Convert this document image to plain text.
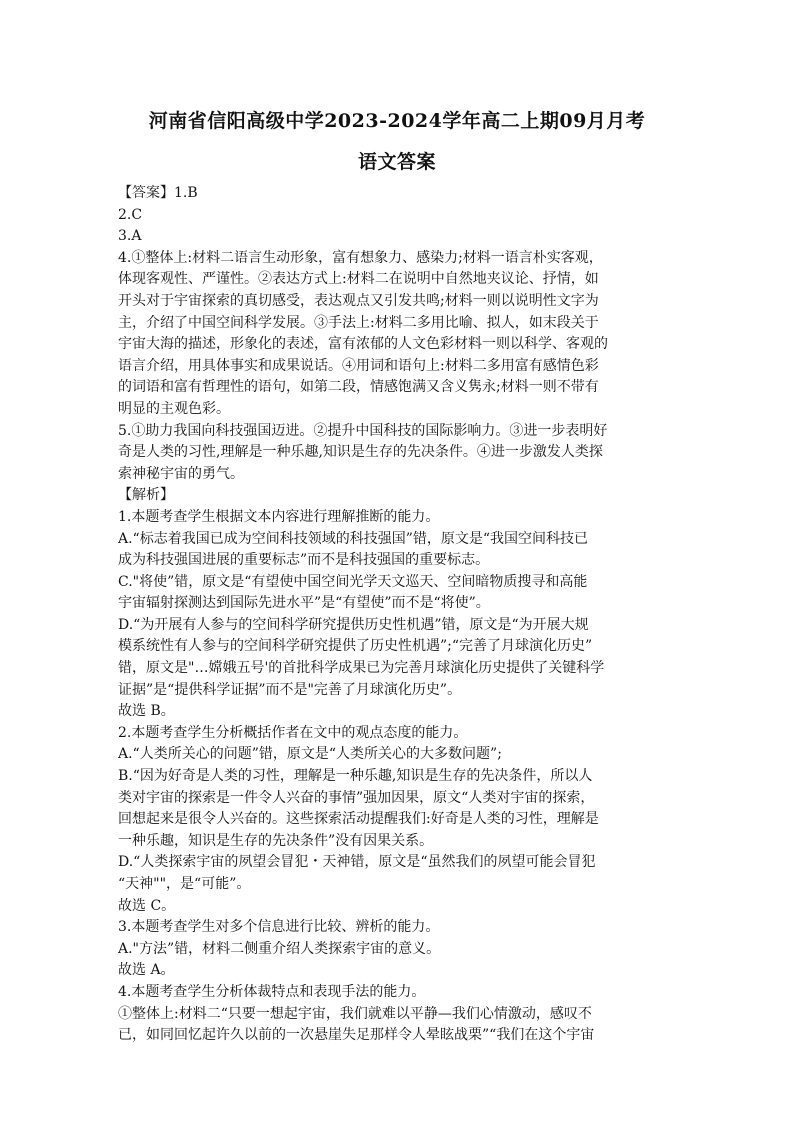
河南省信阳高级中学2023-2024学年高二上期09月月考
语文答案
【答案】1.B
2.C
3.A
4.①整体上:材料二语言生动形象，富有想象力、感染力;材料一语言朴实客观，
体现客观性、严谨性。②表达方式上:材料二在说明中自然地夹议论、抒情，如
开头对于宇宙探索的真切感受，表达观点又引发共鸣;材料一则以说明性文字为
主，介绍了中国空间科学发展。③手法上:材料二多用比喻、拟人，如末段关于
宇宙大海的描述，形象化的表述，富有浓郁的人文色彩材料一则以科学、客观的
语言介绍，用具体事实和成果说话。④用词和语句上:材料二多用富有感情色彩
的词语和富有哲理性的语句，如第二段，情感饱满又含义隽永;材料一则不带有
明显的主观色彩。
5.①助力我国向科技强国迈进。②提升中国科技的国际影响力。③进一步表明好
奇是人类的习性,理解是一种乐趣,知识是生存的先决条件。④进一步激发人类探
索神秘宇宙的勇气。
【解析】
1.本题考查学生根据文本内容进行理解推断的能力。
A.“标志着我国已成为空间科技领域的科技强国”错，原文是“我国空间科技已
成为科技强国进展的重要标志”而不是科技强国的重要标志。
C."将使”错，原文是“有望使中国空间光学天文巡天、空间暗物质搜寻和高能
宇宙辐射探测达到国际先进水平”是“有望使”而不是“将使”。
D.“为开展有人参与的空间科学研究提供历史性机遇”错，原文是“为开展大规
模系统性有人参与的空间科学研究提供了历史性机遇”;“完善了月球演化历史”
错，原文是"…嫦娥五号'的首批科学成果已为完善月球演化历史提供了关键科学
证据”是“提供科学证据”而不是"完善了月球演化历史”。
故选 B。
2.本题考查学生分析概括作者在文中的观点态度的能力。
A.“人类所关心的问题”错，原文是“人类所关心的大多数问题”;
B.“因为好奇是人类的习性，理解是一种乐趣,知识是生存的先决条件，所以人
类对宇宙的探索是一件令人兴奋的事情”强加因果，原文“人类对宇宙的探索，
回想起来是很令人兴奋的。这些探索活动提醒我们:好奇是人类的习性，理解是
一种乐趣，知识是生存的先决条件”没有因果关系。
D.“人类探索宇宙的夙望会冒犯・天神错，原文是“虽然我们的夙望可能会冒犯
“天神""，是“可能”。
故选 C。
3.本题考查学生对多个信息进行比较、辨析的能力。
A."方法”错，材料二侧重介绍人类探索宇宙的意义。
故选 A。
4.本题考查学生分析体裁特点和表现手法的能力。
①整体上:材料二“只要一想起宇宙，我们就难以平静—我们心情激动，感叹不
已，如同回忆起许久以前的一次悬崖失足那样令人晕眩战栗”“我们在这个宇宙
